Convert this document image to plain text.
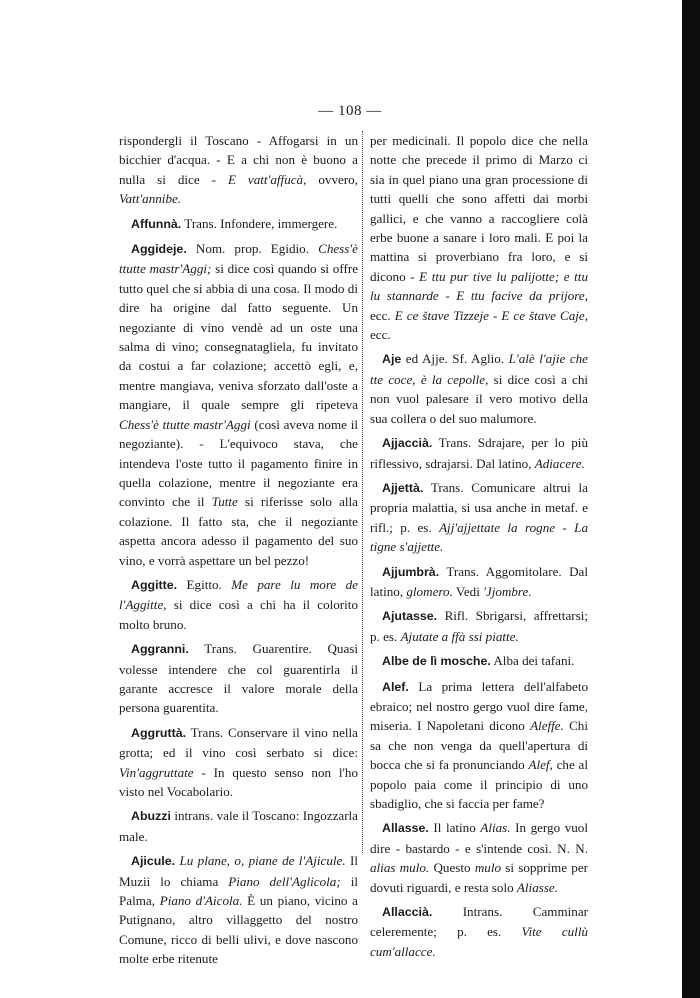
— 108 —

rispondergli il Toscano - Affogarsi in un bicchier d'acqua. - E a chi non è buono a nulla si dice - E vatt'affucà, ovvero, Vatt'annibe.

Affunnà. Trans. Infondere, immergere.

Aggideje. Nom. prop. Egidio. Chess'è ttutte mastr'Aggi; si dice così quando si offre tutto quel che si abbia di una cosa. Il modo di dire ha origine dal fatto seguente. Un negoziante di vino vendè ad un oste una salma di vino; consegnatagliela, fu invitato da costui a far colazione; accettò egli, e, mentre mangiava, veniva sforzato dall'oste a mangiare, il quale sempre gli ripeteva Chess'è ttutte mastr'Aggi (così aveva nome il negoziante). - L'equivoco stava, che intendeva l'oste tutto il pagamento finire in quella colazione, mentre il negoziante era convinto che il Tutte si riferisse solo alla colazione. Il fatto sta, che il negoziante aspetta ancora adesso il pagamento del suo vino, e vorrà aspettare un bel pezzo!

Aggitte. Egitto. Me pare lu more de l'Aggitte, si dice così a chi ha il colorito molto bruno.

Aggranni. Trans. Guarentire. Quasi volesse intendere che col guarentirla il garante accresce il valore morale della persona guarentita.

Aggruttà. Trans. Conservare il vino nella grotta; ed il vino così serbato si dice: Vin'aggruttate - In questo senso non l'ho visto nel Vocabolario.

Abuzzi intrans. vale il Toscano: Ingozzarla male.

Ajicule. Lu plane, o, piane de l'Ajicule. Il Muzii lo chiama Piano dell'Aglicola; il Palma, Piano d'Aicola. È un piano, vicino a Putignano, altro villaggetto del nostro Comune, ricco di belli ulivi, e dove nascono molte erbe ritenute

per medicinali. Il popolo dice che nella notte che precede il primo di Marzo ci sia in quel piano una gran processione di tutti quelli che sono affetti dai morbi gallici, e che vanno a raccogliere colà erbe buone a sanare i loro mali. E poi la mattina si proverbiano fra loro, e si dicono - E ttu pur tive lu palijotte; e ttu lu stannarde - E ttu facive da prijore, ecc. E ce štave Tizzeje - E ce štave Caje, ecc.

Aje ed Ajje. Sf. Aglio. L'alè l'ajie che tte coce, è la cepolle, si dice così a chi non vuol palesare il vero motivo della sua collera o del suo malumore.

Ajjaccià. Trans. Sdrajare, per lo più riflessivo, sdrajarsi. Dal latino, Adiacere.

Ajjettà. Trans. Comunicare altrui la propria malattia, si usa anche in metaf. e rifl.; p. es. Ajj'ajjettate la rogne - La tigne s'ajjette.

Ajjumbrà. Trans. Aggomitolare. Dal latino, glomero. Vedi 'Jjombre.

Ajutasse. Rifl. Sbrigarsi, affrettarsi; p. es. Ajutate a ffà ssi piatte.

Albe de lì mosche. Alba dei tafani.

Alef. La prima lettera dell'alfabeto ebraico; nel nostro gergo vuol dire fame, miseria. I Napoletani dicono Aleffe. Chi sa che non venga da quell'apertura di bocca che si fa pronunciando Alef, che al popolo paia come il principio di uno sbadiglio, che si faccia per fame?

Allasse. Il latino Alias. In gergo vuol dire - bastardo - e s'intende così. N. N. alias mulo. Questo mulo si sopprime per dovuti riguardi, e resta solo Aliasse.

Allaccià. Intrans. Camminar celeremente; p. es. Vite cullù cum'allacce.
